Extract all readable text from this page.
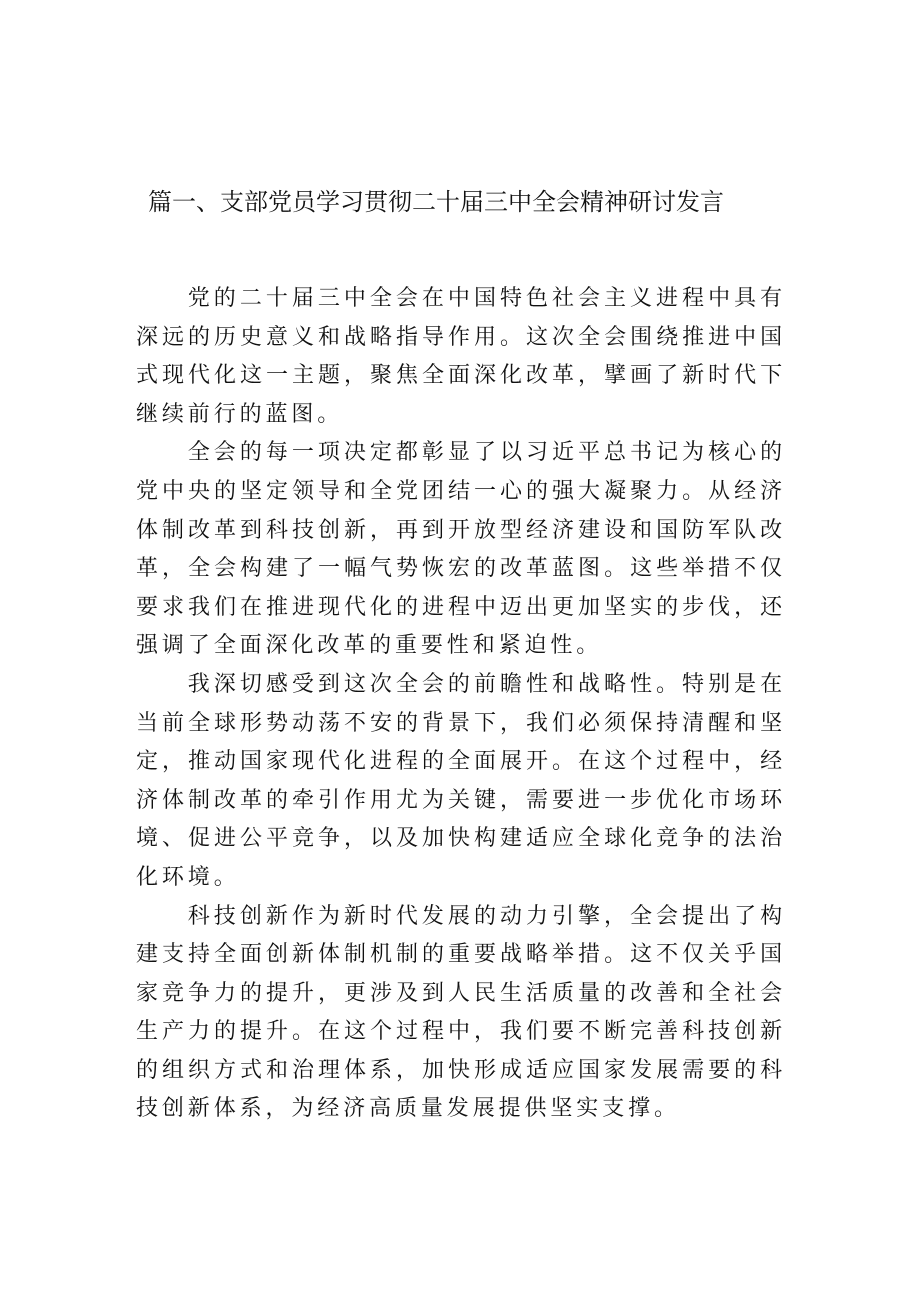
篇一、支部党员学习贯彻二十届三中全会精神研讨发言

党的二十届三中全会在中国特色社会主义进程中具有深远的历史意义和战略指导作用。这次全会围绕推进中国式现代化这一主题，聚焦全面深化改革，擘画了新时代下继续前行的蓝图。

全会的每一项决定都彰显了以习近平总书记为核心的党中央的坚定领导和全党团结一心的强大凝聚力。从经济体制改革到科技创新，再到开放型经济建设和国防军队改革，全会构建了一幅气势恢宏的改革蓝图。这些举措不仅要求我们在推进现代化的进程中迈出更加坚实的步伐，还强调了全面深化改革的重要性和紧迫性。

我深切感受到这次全会的前瞻性和战略性。特别是在当前全球形势动荡不安的背景下，我们必须保持清醒和坚定，推动国家现代化进程的全面展开。在这个过程中，经济体制改革的牵引作用尤为关键，需要进一步优化市场环境、促进公平竞争，以及加快构建适应全球化竞争的法治化环境。

科技创新作为新时代发展的动力引擎，全会提出了构建支持全面创新体制机制的重要战略举措。这不仅关乎国家竞争力的提升，更涉及到人民生活质量的改善和全社会生产力的提升。在这个过程中，我们要不断完善科技创新的组织方式和治理体系，加快形成适应国家发展需要的科技创新体系，为经济高质量发展提供坚实支撑。
